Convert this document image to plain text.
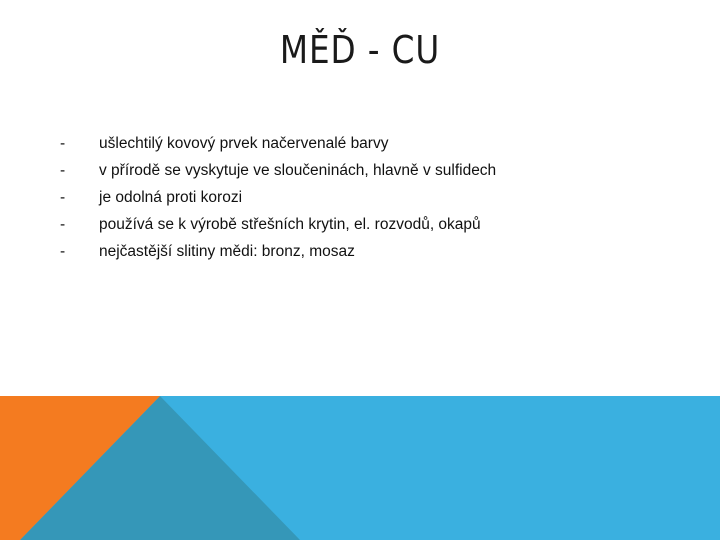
MĚĎ - CU
-	ušlechtilý kovový prvek načervenalé barvy
-	v přírodě se vyskytuje ve sloučeninách, hlavně v sulfidech
-	je odolná proti korozi
-	používá se k výrobě střešních krytin, el. rozvodů, okapů
-	nejčastější slitiny mědi: bronz, mosaz
